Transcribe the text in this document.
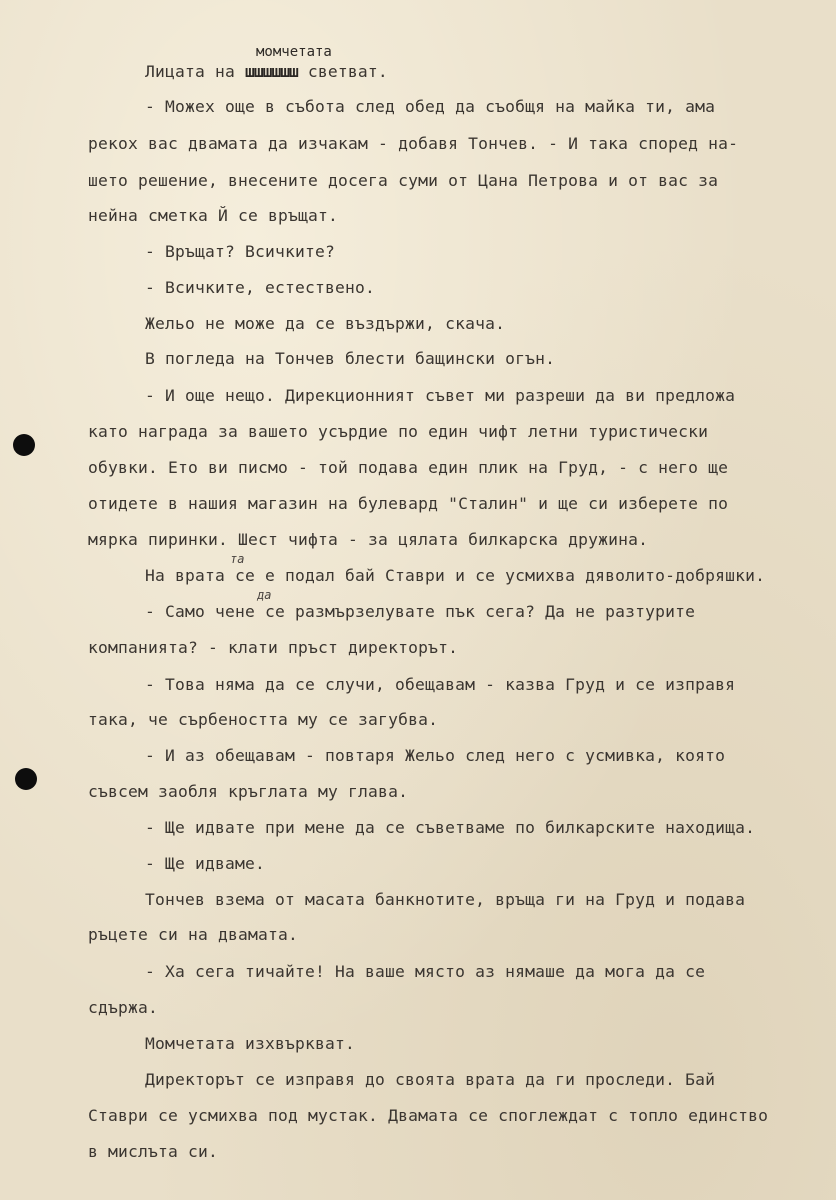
момчетата
Лицата на шшшшшш светват.
- Можех още в събота след обед да съобщя на майка ти, ама
рекох вас двамата да изчакам - добавя Тончев. - И така според на-
шето решение, внесените досега суми от Цана Петрова и от вас за
нейна сметка Й се връщат.
- Връщат? Всичките?
- Всичките, естествено.
Жельо не може да се въздържи, скача.
В погледа на Тончев блести бащински огън.
- И още нещо. Дирекционният съвет ми разреши да ви предложа
като награда за вашето усърдие по един чифт летни туристически
обувки. Ето ви писмо - той подава един плик на Груд, - с него ще
отидете в нашия магазин на булевард "Сталин" и ще си изберете по
мярка пиринки. Шест чифта - за цялата билкарска дружина.
та
На врата се е подал бай Ставри и се усмихва дяволито-добряшки.
да
- Само чене се размързелувате пък сега? Да не разтурите
компанията? - клати пръст директорът.
- Това няма да се случи, обещавам - казва Груд и се изправя
така, че сърбеността му се загубва.
- И аз обещавам - повтаря Жельо след него с усмивка, която
съвсем заобля кръглата му глава.
- Ще идвате при мене да се съветваме по билкарските находища.
- Ще идваме.
Тончев взема от масата банкнотите, връща ги на Груд и подава
ръцете си на двамата.
- Ха сега тичайте! На ваше място аз нямаше да мога да се
сдържа.
Момчетата изхвъркват.
Директорът се изправя до своята врата да ги проследи. Бай
Ставри се усмихва под мустак. Двамата се споглеждат с топло единство
в мислъта си.
